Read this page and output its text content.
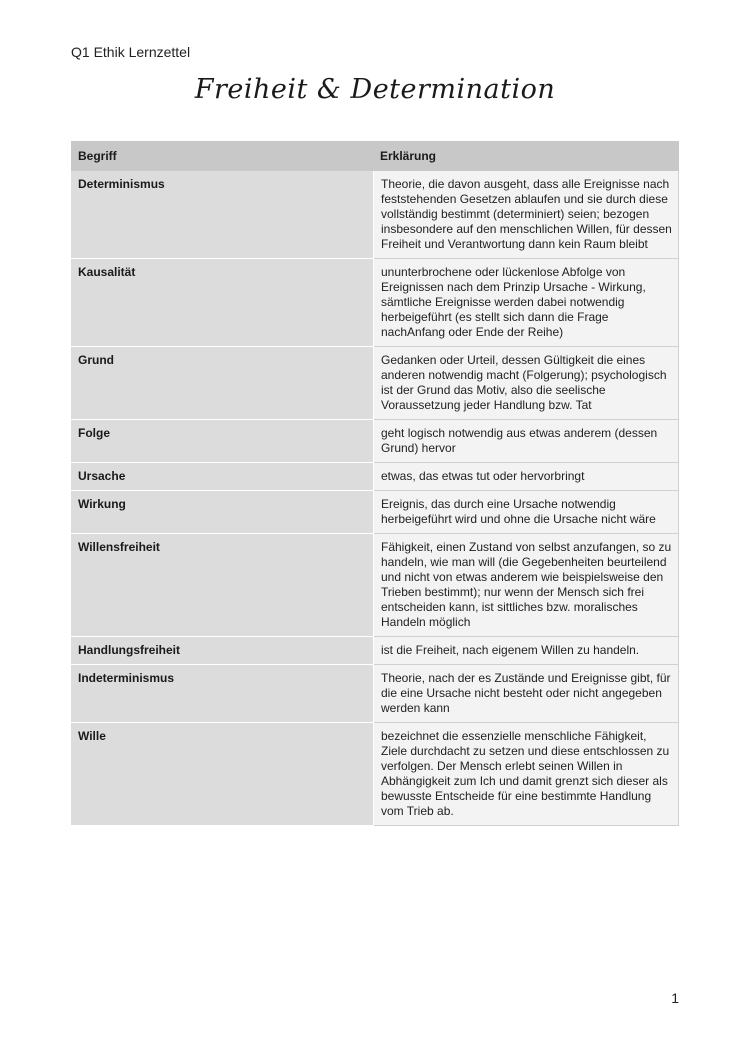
Q1 Ethik Lernzettel
Freiheit & Determination
Begriff	Erklärung
Determinismus	Theorie, die davon ausgeht, dass alle Ereignisse nach feststehenden Gesetzen ablaufen und sie durch diese vollständig bestimmt (determiniert) seien; bezogen insbesondere auf den menschlichen Willen, für dessen Freiheit und Verantwortung dann kein Raum bleibt
Kausalität	ununterbrochene oder lückenlose Abfolge von Ereignissen nach dem Prinzip Ursache - Wirkung, sämtliche Ereignisse werden dabei notwendig herbeigeführt (es stellt sich dann die Frage nachAnfang oder Ende der Reihe)
Grund	Gedanken oder Urteil, dessen Gültigkeit die eines anderen notwendig macht (Folgerung); psychologisch ist der Grund das Motiv, also die seelische Voraussetzung jeder Handlung bzw. Tat
Folge	geht logisch notwendig aus etwas anderem (dessen Grund) hervor
Ursache	etwas, das etwas tut oder hervorbringt
Wirkung	Ereignis, das durch eine Ursache notwendig herbeigeführt wird und ohne die Ursache nicht wäre
Willensfreiheit	Fähigkeit, einen Zustand von selbst anzufangen, so zu handeln, wie man will (die Gegebenheiten beurteilend und nicht von etwas anderem wie beispielsweise den Trieben bestimmt); nur wenn der Mensch sich frei entscheiden kann, ist sittliches bzw. moralisches Handeln möglich
Handlungsfreiheit	ist die Freiheit, nach eigenem Willen zu handeln.
Indeterminismus	Theorie, nach der es Zustände und Ereignisse gibt, für die eine Ursache nicht besteht oder nicht angegeben werden kann
Wille	bezeichnet die essenzielle menschliche Fähigkeit, Ziele durchdacht zu setzen und diese entschlossen zu verfolgen. Der Mensch erlebt seinen Willen in Abhängigkeit zum Ich und damit grenzt sich dieser als bewusste Entscheide für eine bestimmte Handlung vom Trieb ab.
1
